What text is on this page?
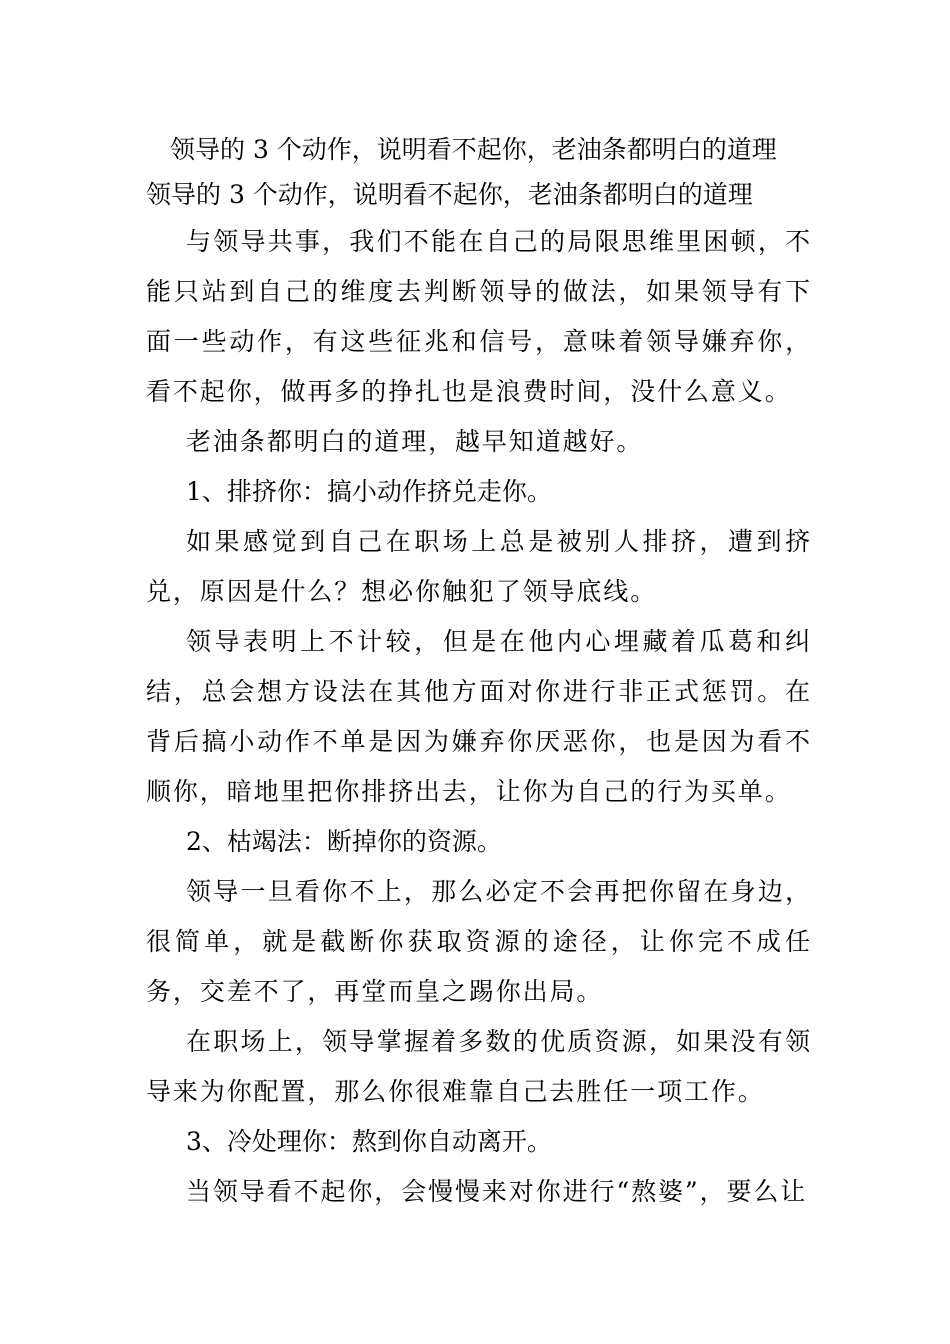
领导的 3 个动作，说明看不起你，老油条都明白的道理

领导的 3 个动作，说明看不起你，老油条都明白的道理

与领导共事，我们不能在自己的局限思维里困顿，不能只站到自己的维度去判断领导的做法，如果领导有下面一些动作，有这些征兆和信号，意味着领导嫌弃你，看不起你，做再多的挣扎也是浪费时间，没什么意义。

老油条都明白的道理，越早知道越好。

1、排挤你：搞小动作挤兑走你。

如果感觉到自己在职场上总是被别人排挤，遭到挤兑，原因是什么？想必你触犯了领导底线。

领导表明上不计较，但是在他内心埋藏着瓜葛和纠结，总会想方设法在其他方面对你进行非正式惩罚。在背后搞小动作不单是因为嫌弃你厌恶你，也是因为看不顺你，暗地里把你排挤出去，让你为自己的行为买单。

2、枯竭法：断掉你的资源。

领导一旦看你不上，那么必定不会再把你留在身边，很简单，就是截断你获取资源的途径，让你完不成任务，交差不了，再堂而皇之踢你出局。

在职场上，领导掌握着多数的优质资源，如果没有领导来为你配置，那么你很难靠自己去胜任一项工作。

3、冷处理你：熬到你自动离开。

当领导看不起你，会慢慢来对你进行“熬婆”，要么让
